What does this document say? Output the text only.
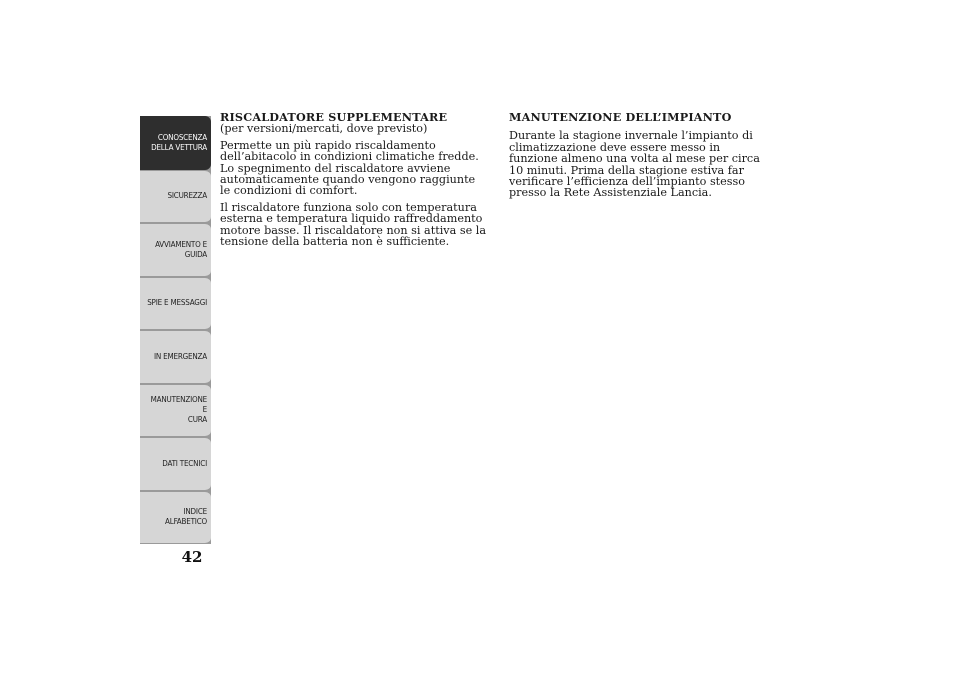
CONOSCENZA
DELLA VETTURA
SICUREZZA
AVVIAMENTO E
GUIDA
SPIE E MESSAGGI
IN EMERGENZA
MANUTENZIONE E
CURA
DATI TECNICI
INDICE
ALFABETICO
42
RISCALDATORE SUPPLEMENTARE

(per versioni/mercati, dove previsto)

Permette un più rapido riscaldamento dell’abitacolo in condizioni climatiche fredde. Lo spegnimento del riscaldatore avviene automaticamente quando vengono raggiunte le condizioni di comfort.

Il riscaldatore funziona solo con temperatura esterna e temperatura liquido raffreddamento motore basse. Il riscaldatore non si attiva se la tensione della batteria non è sufficiente.

MANUTENZIONE DELL’IMPIANTO

Durante la stagione invernale l’impianto di climatizzazione deve essere messo in funzione almeno una volta al mese per circa 10 minuti. Prima della stagione estiva far verificare l’efficienza dell’impianto stesso presso la Rete Assistenziale Lancia.
